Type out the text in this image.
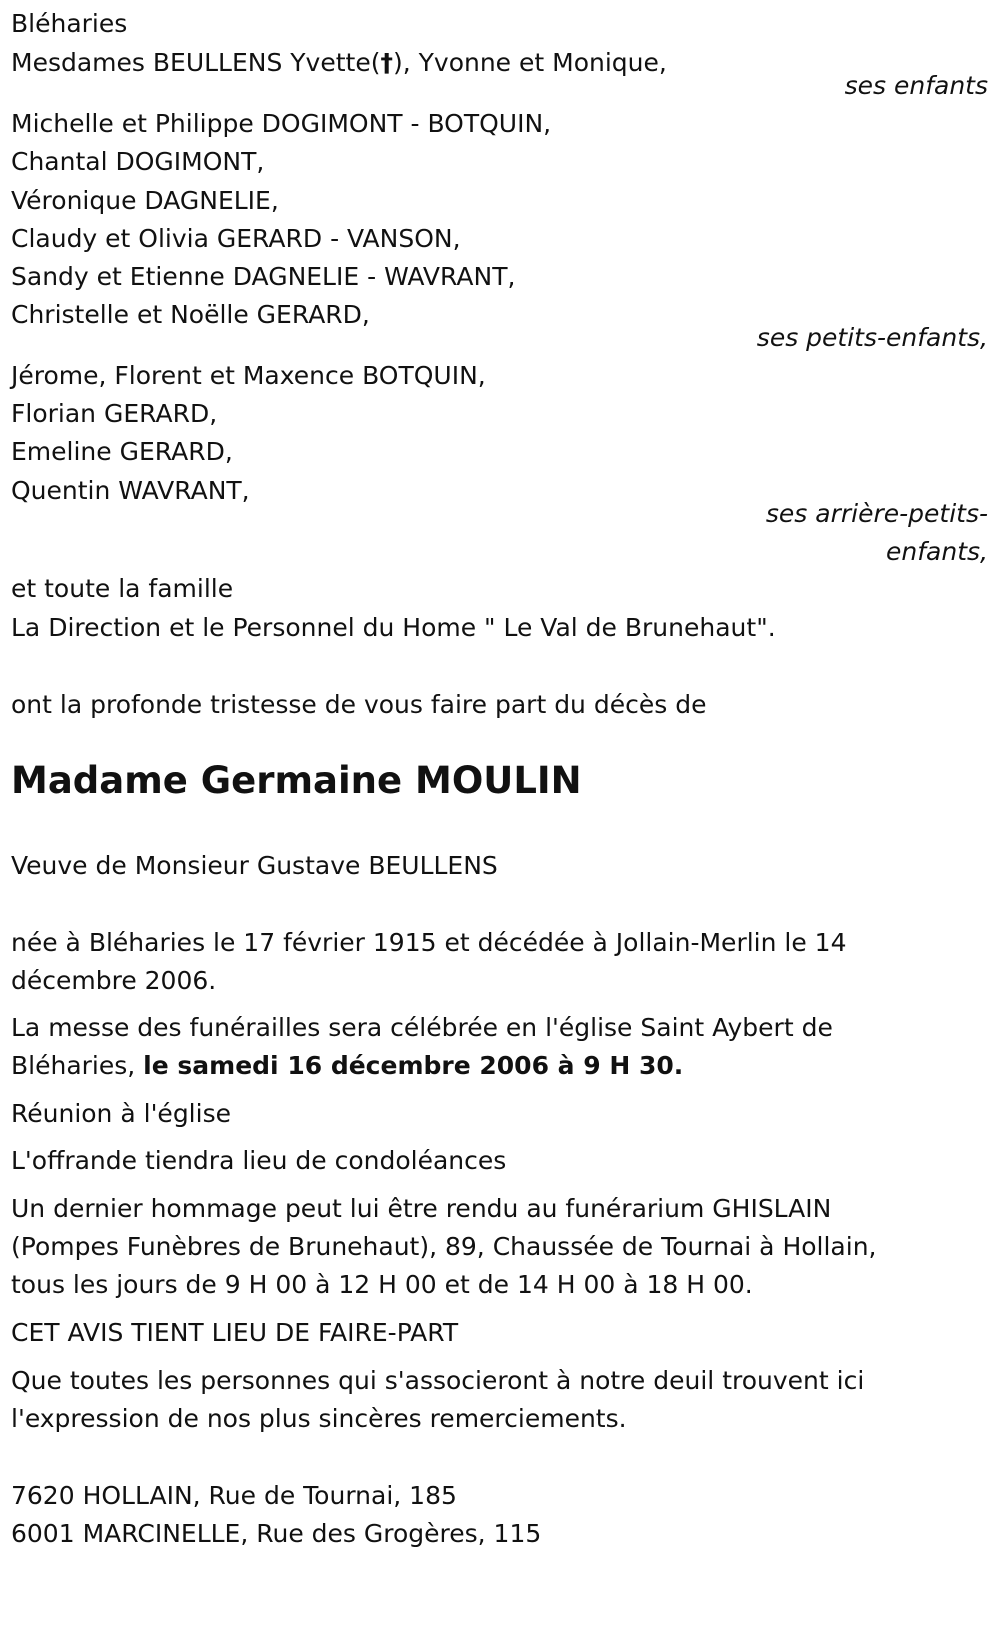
Bléharies
Mesdames BEULLENS Yvette(†), Yvonne et Monique,
ses enfants
Michelle et Philippe DOGIMONT - BOTQUIN,
Chantal DOGIMONT,
Véronique DAGNELIE,
Claudy et Olivia GERARD - VANSON,
Sandy et Etienne DAGNELIE - WAVRANT,
Christelle et Noëlle GERARD,
ses petits-enfants,
Jérome, Florent et Maxence BOTQUIN,
Florian GERARD,
Emeline GERARD,
Quentin WAVRANT,
ses arrière-petits-
enfants,
et toute la famille
La Direction et le Personnel du Home " Le Val de Brunehaut".
ont la profonde tristesse de vous faire part du décès de
Madame Germaine MOULIN
Veuve de Monsieur Gustave BEULLENS
née à Bléharies le 17 février 1915 et décédée à Jollain-Merlin le 14
décembre 2006.
La messe des funérailles sera célébrée en l'église Saint Aybert de
Bléharies, le samedi 16 décembre 2006 à 9 H 30.
Réunion à l'église
L'offrande tiendra lieu de condoléances
Un dernier hommage peut lui être rendu au funérarium GHISLAIN
(Pompes Funèbres de Brunehaut), 89, Chaussée de Tournai à Hollain,
tous les jours de 9 H 00 à 12 H 00 et de 14 H 00 à 18 H 00.
CET AVIS TIENT LIEU DE FAIRE-PART
Que toutes les personnes qui s'associeront à notre deuil trouvent ici
l'expression de nos plus sincères remerciements.
7620 HOLLAIN, Rue de Tournai, 185
6001 MARCINELLE, Rue des Grogères, 115
